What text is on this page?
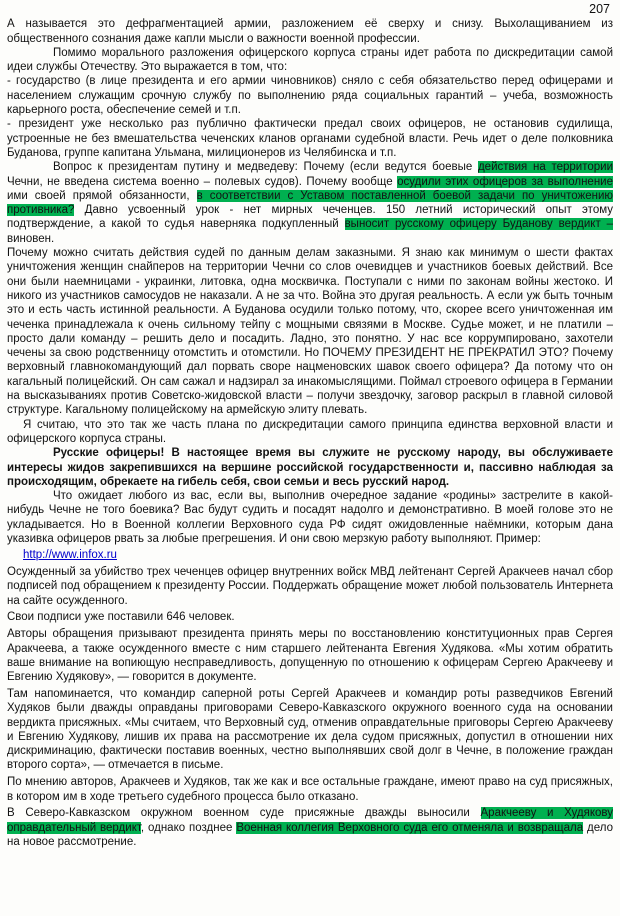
207

А называется это дефрагментацией армии, разложением её сверху и снизу. Выхолащиванием из общественного сознания даже капли мысли о важности военной профессии.

Помимо морального разложения офицерского корпуса страны идет работа по дискредитации самой идеи службы Отечеству. Это выражается в том, что:

- государство (в лице президента и его армии чиновников) сняло с себя обязательство перед офицерами и населением служащим срочную службу по выполнению ряда социальных гарантий – учеба, возможность карьерного роста, обеспечение семей и т.п.

- президент уже несколько раз публично фактически предал своих офицеров, не остановив судилища, устроенные не без вмешательства чеченских кланов органами судебной власти. Речь идет о деле полковника Буданова, группе капитана Ульмана, милиционеров из Челябинска и т.п.

Вопрос к президентам путину и медведеву: Почему (если ведутся боевые действия на территории Чечни, не введена система военно – полевых судов). Почему вообще осудили этих офицеров за выполнение ими своей прямой обязанности, в соответствии с Уставом поставленной боевой задачи по уничтожению противника? Давно усвоенный урок - нет мирных чеченцев. 150 летний исторический опыт этому подтверждение, а какой то судья наверняка подкупленный выносит русскому офицеру Буданову вердикт – виновен.

Почему можно считать действия судей по данным делам заказными. Я знаю как минимум о шести фактах уничтожения женщин снайперов на территории Чечни со слов очевидцев и участников боевых действий. Все они были наемницами - украинки, литовка, одна москвичка. Поступали с ними по законам войны жестоко. И никого из участников самосудов не наказали. А не за что. Война это другая реальность. А если уж быть точным это и есть часть истинной реальности. А Буданова осудили только потому, что, скорее всего уничтоженная им чеченка принадлежала к очень сильному тейпу с мощными связями в Москве. Судье может, и не платили – просто дали команду – решить дело и посадить. Ладно, это понятно. У нас все коррумпировано, захотели чечены за свою родственницу отомстить и отомстили. Но ПОЧЕМУ ПРЕЗИДЕНТ НЕ ПРЕКРАТИЛ ЭТО? Почему верховный главнокомандующий дал порвать своре нацменовских шавок своего офицера? Да потому что он кагальный полицейский. Он сам сажал и надзирал за инакомыслящими. Поймал строевого офицера в Германии на высказываниях против Советско-жидовской власти – получи звездочку, заговор раскрыл в главной силовой структуре. Кагальному полицейскому на армейскую элиту плевать.

Я считаю, что это так же часть плана по дискредитации самого принципа единства верховной власти и офицерского корпуса страны.

Русские офицеры! В настоящее время вы служите не русскому народу, вы обслуживаете интересы жидов закрепившихся на вершине российской государственности и, пассивно наблюдая за происходящим, обрекаете на гибель себя, свои семьи и весь русский народ.

Что ожидает любого из вас, если вы, выполнив очередное задание «родины» застрелите в какой-нибудь Чечне не того боевика? Вас будут судить и посадят надолго и демонстративно. В моей голове это не укладывается. Но в Военной коллегии Верховного суда РФ сидят ожидовленные наёмники, которым дана указивка офицеров рвать за любые прегрешения. И они свою мерзкую работу выполняют. Пример:

http://www.infox.ru

Осужденный за убийство трех чеченцев офицер внутренних войск МВД лейтенант Сергей Аракчеев начал сбор подписей под обращением к президенту России. Поддержать обращение может любой пользователь Интернета на сайте осужденного.

Свои подписи уже поставили 646 человек.

Авторы обращения призывают президента принять меры по восстановлению конституционных прав Сергея Аракчеева, а также осужденного вместе с ним старшего лейтенанта Евгения Худякова. «Мы хотим обратить ваше внимание на вопиющую несправедливость, допущенную по отношению к офицерам Сергею Аракчееву и Евгению Худякову», — говорится в документе.

Там напоминается, что командир саперной роты Сергей Аракчеев и командир роты разведчиков Евгений Худяков были дважды оправданы приговорами Северо-Кавказского окружного военного суда на основании вердикта присяжных. «Мы считаем, что Верховный суд, отменив оправдательные приговоры Сергею Аракчееву и Евгению Худякову, лишив их права на рассмотрение их дела судом присяжных, допустил в отношении них дискриминацию, фактически поставив военных, честно выполнявших свой долг в Чечне, в положение граждан второго сорта», — отмечается в письме.

По мнению авторов, Аракчеев и Худяков, так же как и все остальные граждане, имеют право на суд присяжных, в котором им в ходе третьего судебного процесса было отказано.

В Северо-Кавказском окружном военном суде присяжные дважды выносили Аракчееву и Худякову оправдательный вердикт, однако позднее Военная коллегия Верховного суда его отменяла и возвращала дело на новое рассмотрение.
